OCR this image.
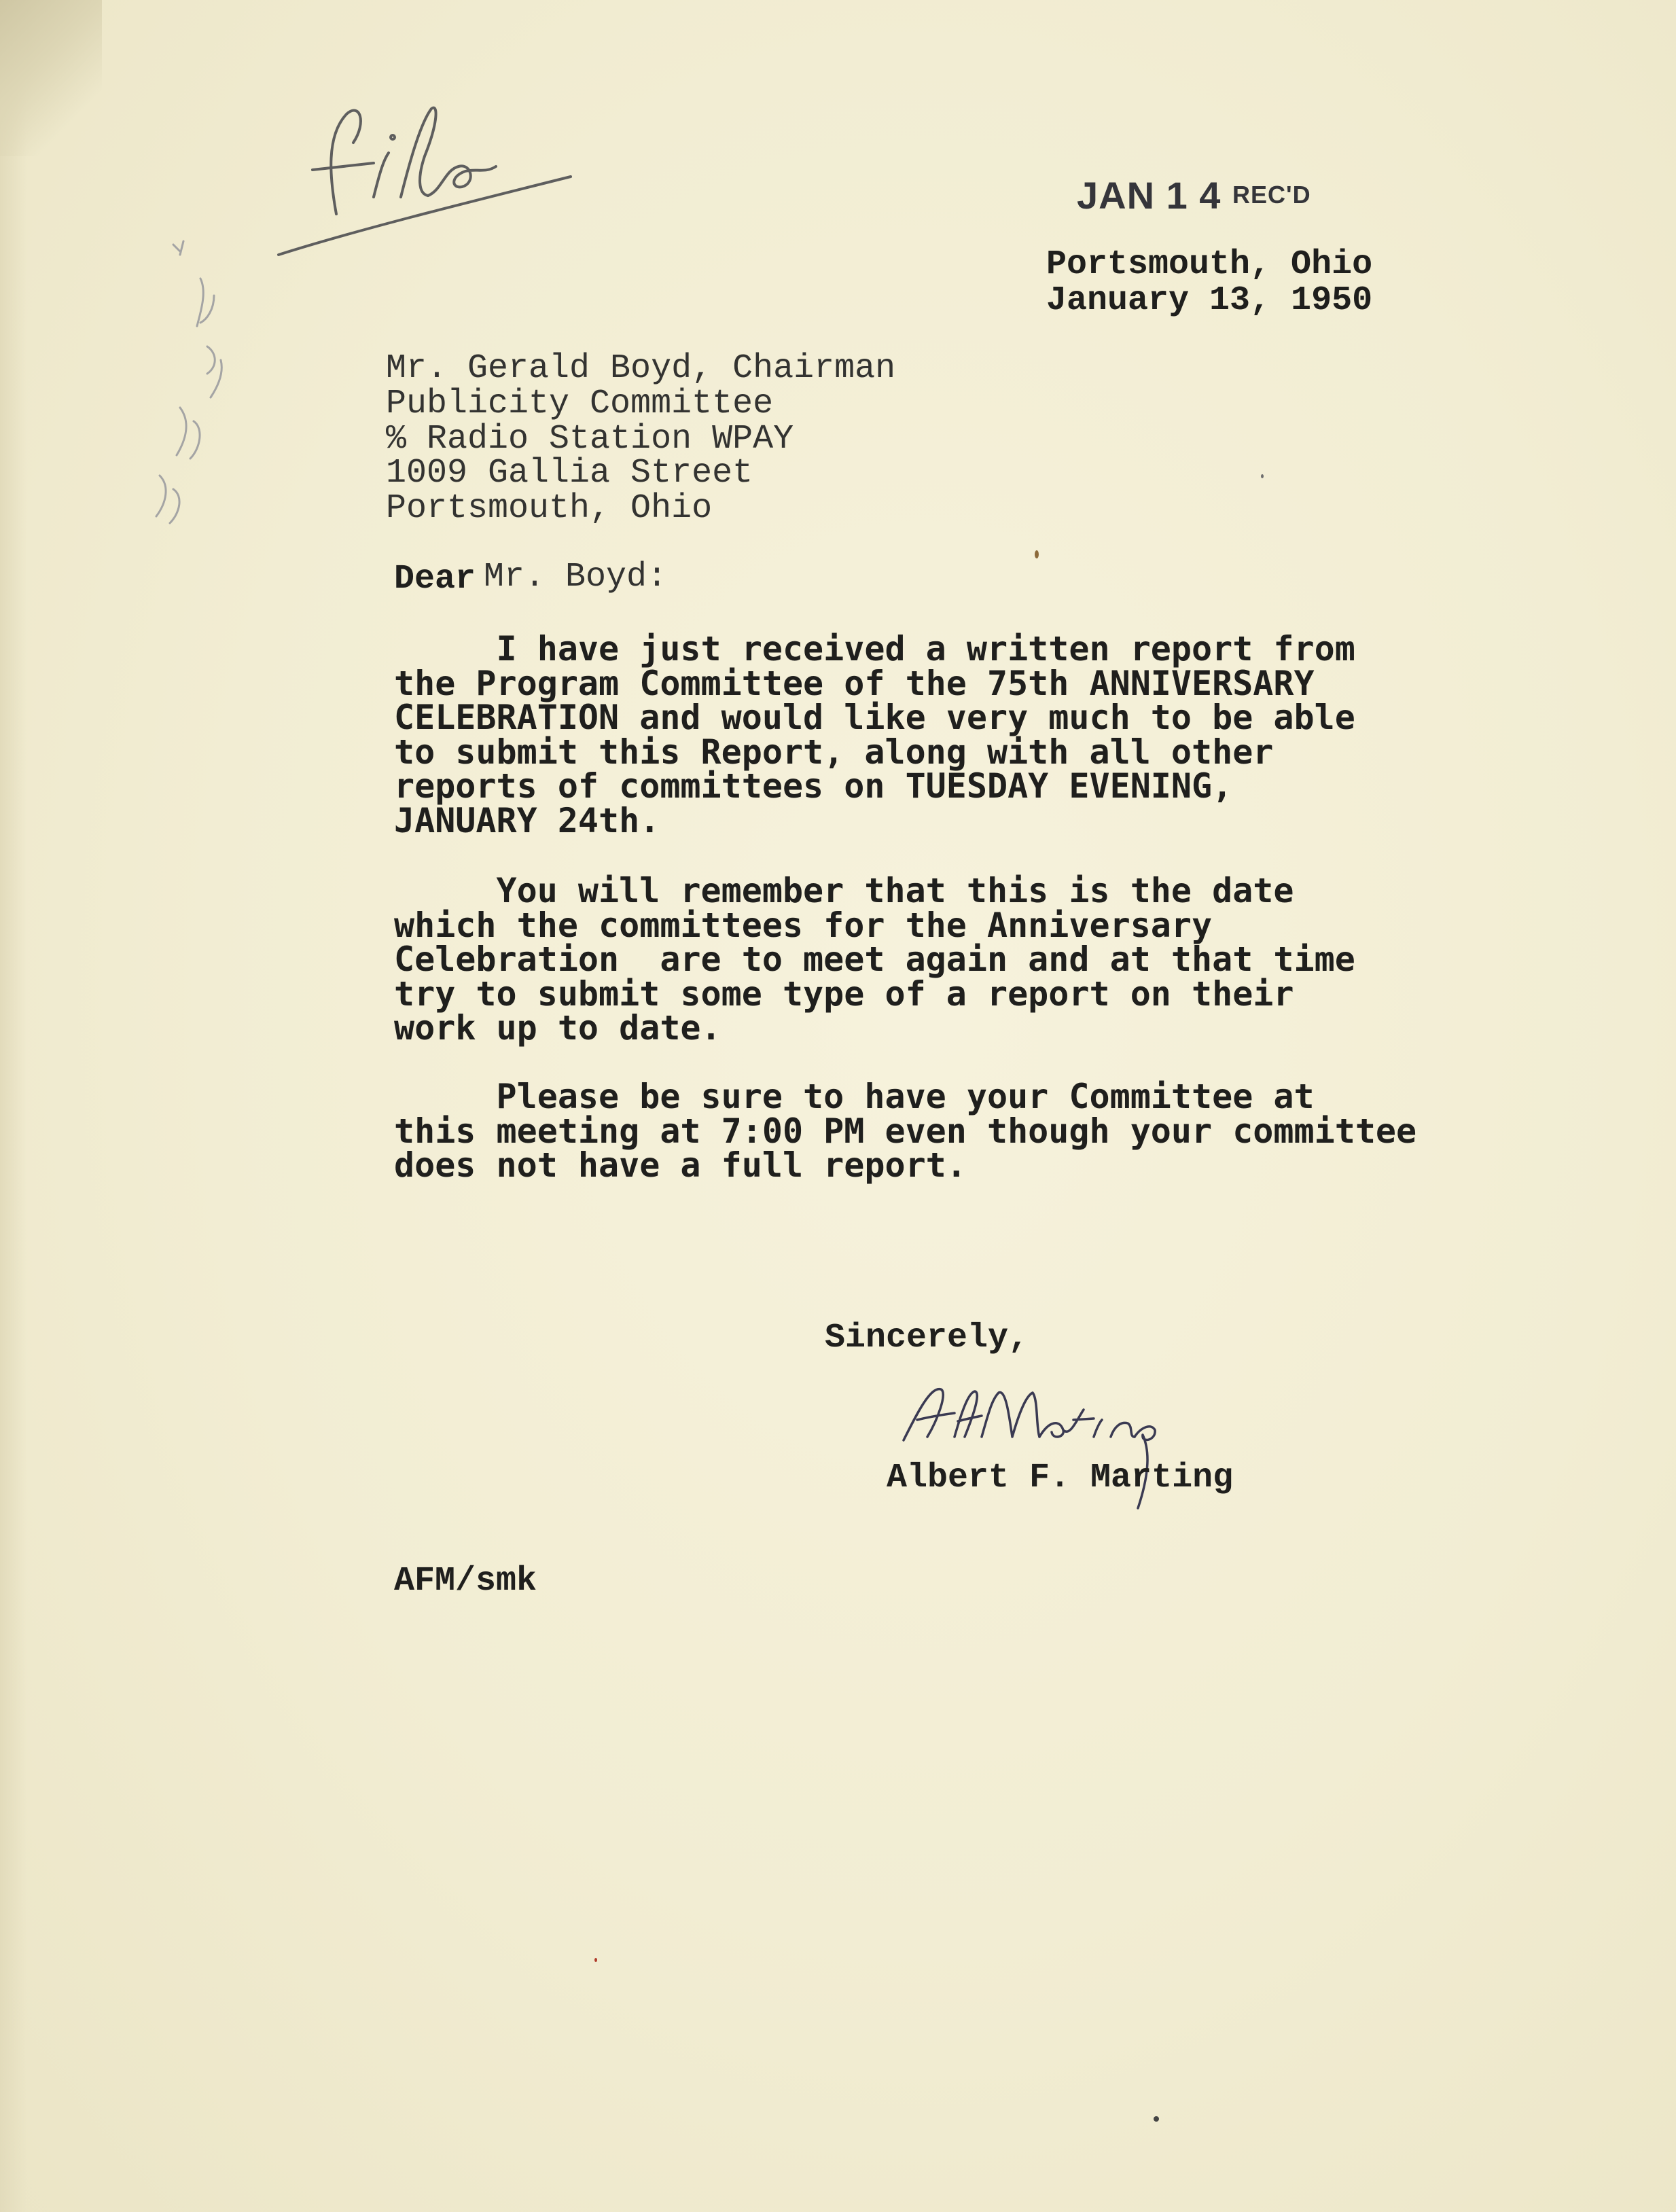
JAN 1 4 REC'D
Portsmouth, Ohio
January 13, 1950
Mr. Gerald Boyd, Chairman
Publicity Committee
% Radio Station WPAY
1009 Gallia Street
Portsmouth, Ohio
Dear Mr. Boyd:
I have just received a written report from
the Program Committee of the 75th ANNIVERSARY
CELEBRATION and would like very much to be able
to submit this Report, along with all other
reports of committees on TUESDAY EVENING,
JANUARY 24th.
You will remember that this is the date
which the committees for the Anniversary
Celebration  are to meet again and at that time
try to submit some type of a report on their
work up to date.
Please be sure to have your Committee at
this meeting at 7:00 PM even though your committee
does not have a full report.
Sincerely,
Albert F. Marting
AFM/smk
